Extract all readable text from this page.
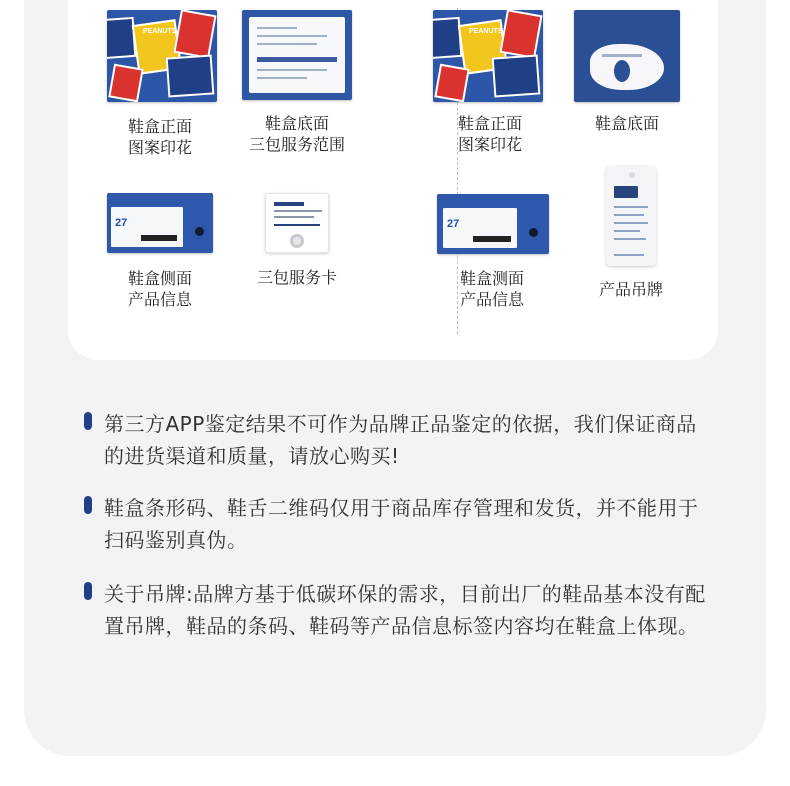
PEANUTS
鞋盒正面
图案印花
鞋盒底面
三包服务范围
27
鞋盒侧面
产品信息
三包服务卡
PEANUTS
鞋盒正面
图案印花
鞋盒底面
27
鞋盒测面
产品信息
产品吊牌
第三方APP鉴定结果不可作为品牌正品鉴定的依据，我们保证商品的进货渠道和质量，请放心购买!
鞋盒条形码、鞋舌二维码仅用于商品库存管理和发货，并不能用于扫码鉴别真伪。
关于吊牌:品牌方基于低碳环保的需求，目前出厂的鞋品基本没有配置吊牌，鞋品的条码、鞋码等产品信息标签内容均在鞋盒上体现。
